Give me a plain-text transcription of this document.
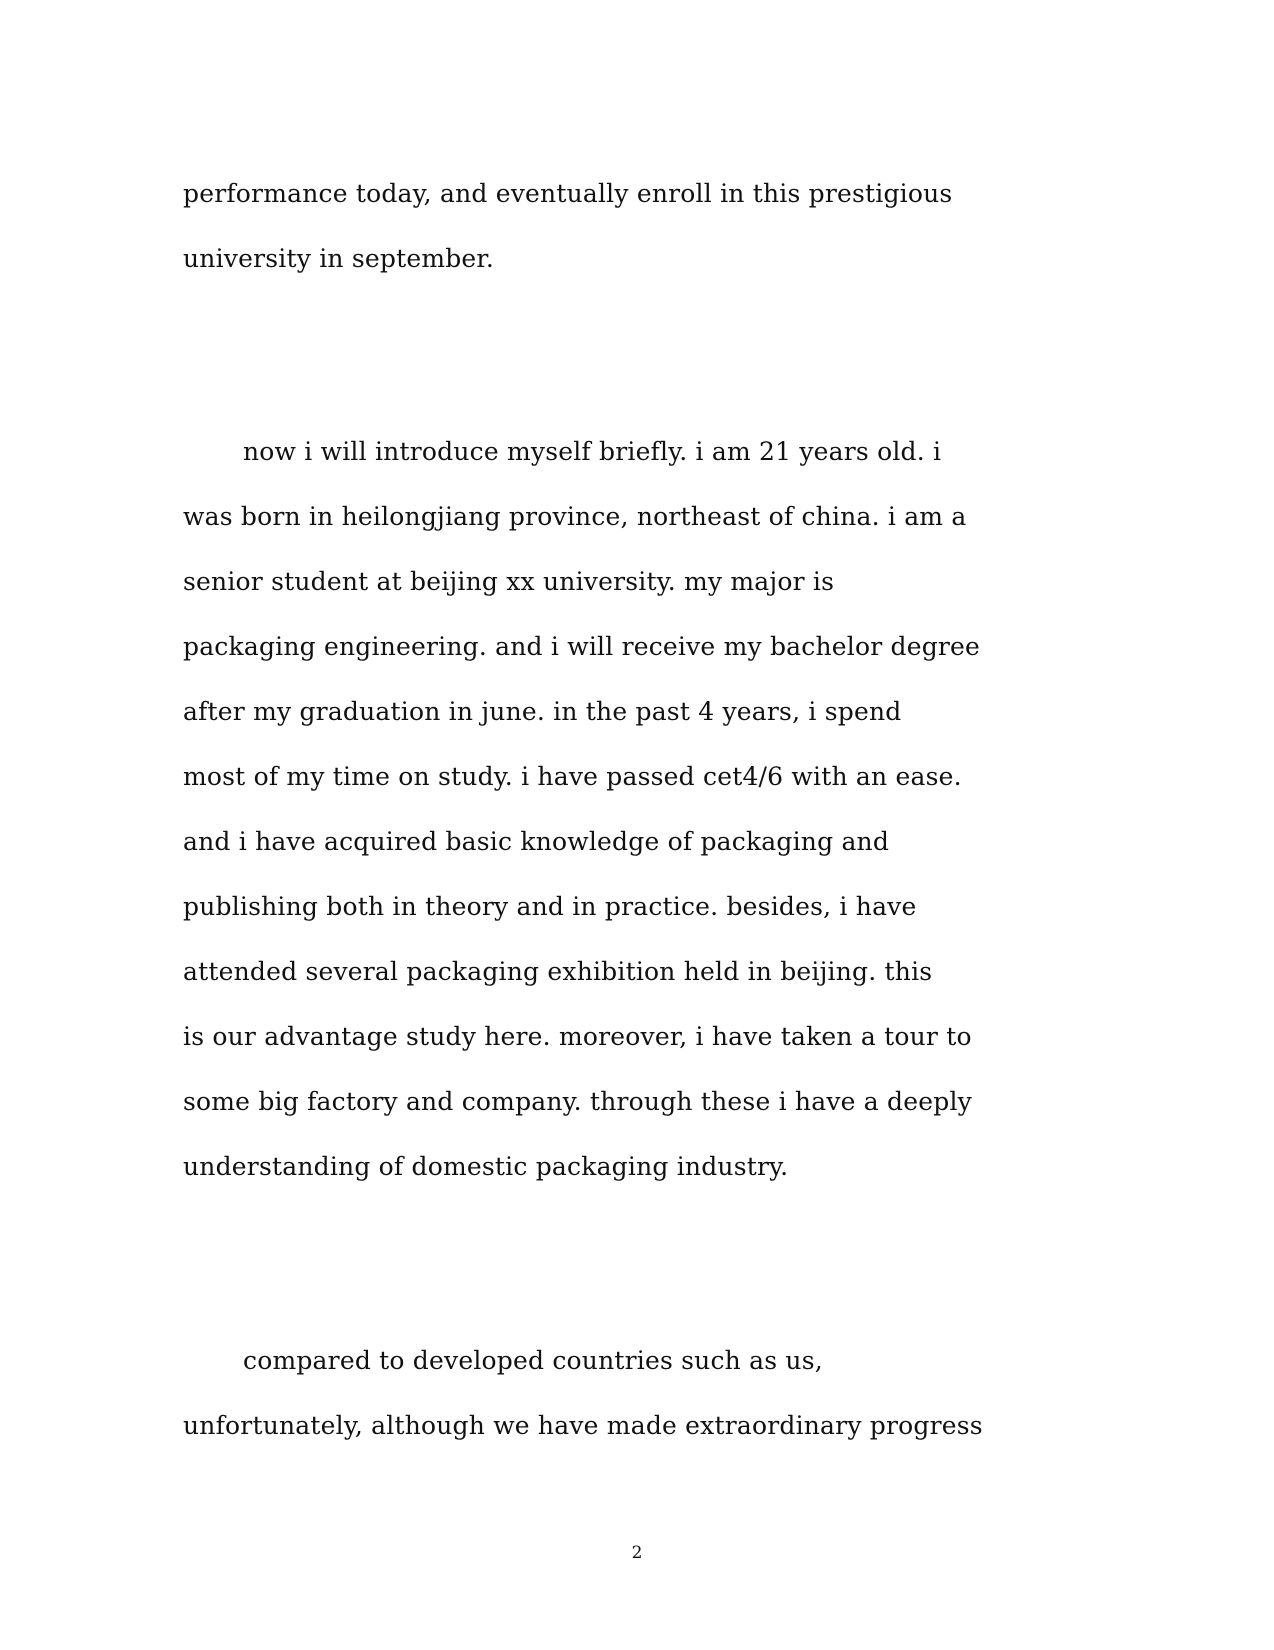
performance today, and eventually enroll in this prestigious
university in september.
now i will introduce myself briefly. i am 21 years old. i
was born in heilongjiang province, northeast of china. i am a
senior student at beijing xx university. my major is
packaging engineering. and i will receive my bachelor degree
after my graduation in june. in the past 4 years, i spend
most of my time on study. i have passed cet4/6 with an ease.
and i have acquired basic knowledge of packaging and
publishing both in theory and in practice. besides, i have
attended several packaging exhibition held in beijing. this
is our advantage study here. moreover, i have taken a tour to
some big factory and company. through these i have a deeply
understanding of domestic packaging industry.
compared to developed countries such as us,
unfortunately, although we have made extraordinary progress
2
